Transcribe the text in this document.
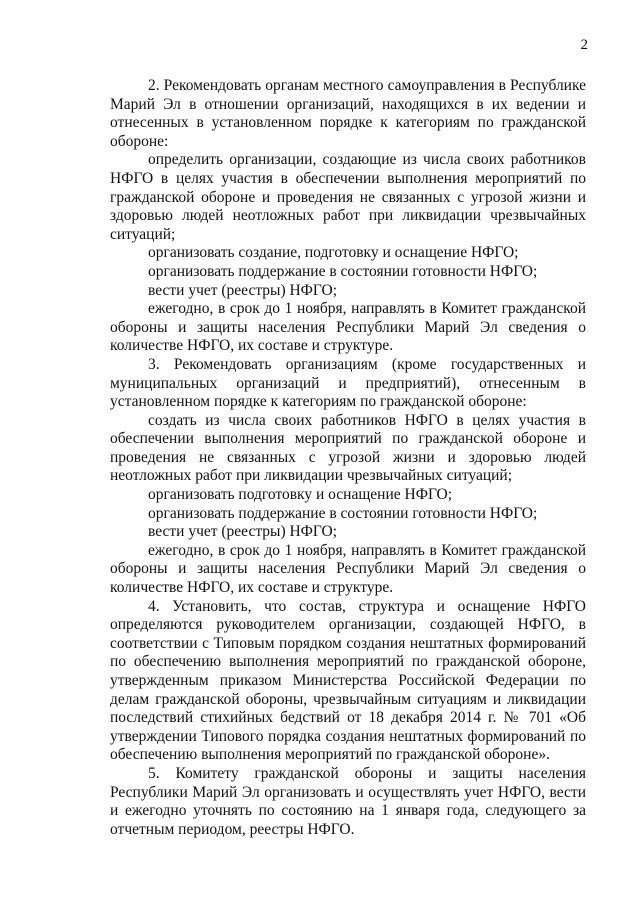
2

2. Рекомендовать органам местного самоуправления в Республике Марий Эл в отношении организаций, находящихся в их ведении и отнесенных в установленном порядке к категориям по гражданской обороне:

определить организации, создающие из числа своих работников НФГО в целях участия в обеспечении выполнения мероприятий по гражданской обороне и проведения не связанных с угрозой жизни и здоровью людей неотложных работ при ликвидации чрезвычайных ситуаций;

организовать создание, подготовку и оснащение НФГО;

организовать поддержание в состоянии готовности НФГО;

вести учет (реестры) НФГО;

ежегодно, в срок до 1 ноября, направлять в Комитет гражданской обороны и защиты населения Республики Марий Эл сведения о количестве НФГО, их составе и структуре.

3. Рекомендовать организациям (кроме государственных и муниципальных организаций и предприятий), отнесенным в установленном порядке к категориям по гражданской обороне:

создать из числа своих работников НФГО в целях участия в обеспечении выполнения мероприятий по гражданской обороне и проведения не связанных с угрозой жизни и здоровью людей неотложных работ при ликвидации чрезвычайных ситуаций;

организовать подготовку и оснащение НФГО;

организовать поддержание в состоянии готовности НФГО;

вести учет (реестры) НФГО;

ежегодно, в срок до 1 ноября, направлять в Комитет гражданской обороны и защиты населения Республики Марий Эл сведения о количестве НФГО, их составе и структуре.

4. Установить, что состав, структура и оснащение НФГО определяются руководителем организации, создающей НФГО, в соответствии с Типовым порядком создания нештатных формирований по обеспечению выполнения мероприятий по гражданской обороне, утвержденным приказом Министерства Российской Федерации по делам гражданской обороны, чрезвычайным ситуациям и ликвидации последствий стихийных бедствий от 18 декабря 2014 г. № 701 «Об утверждении Типового порядка создания нештатных формирований по обеспечению выполнения мероприятий по гражданской обороне».

5. Комитету гражданской обороны и защиты населения Республики Марий Эл организовать и осуществлять учет НФГО, вести и ежегодно уточнять по состоянию на 1 января года, следующего за отчетным периодом, реестры НФГО.
